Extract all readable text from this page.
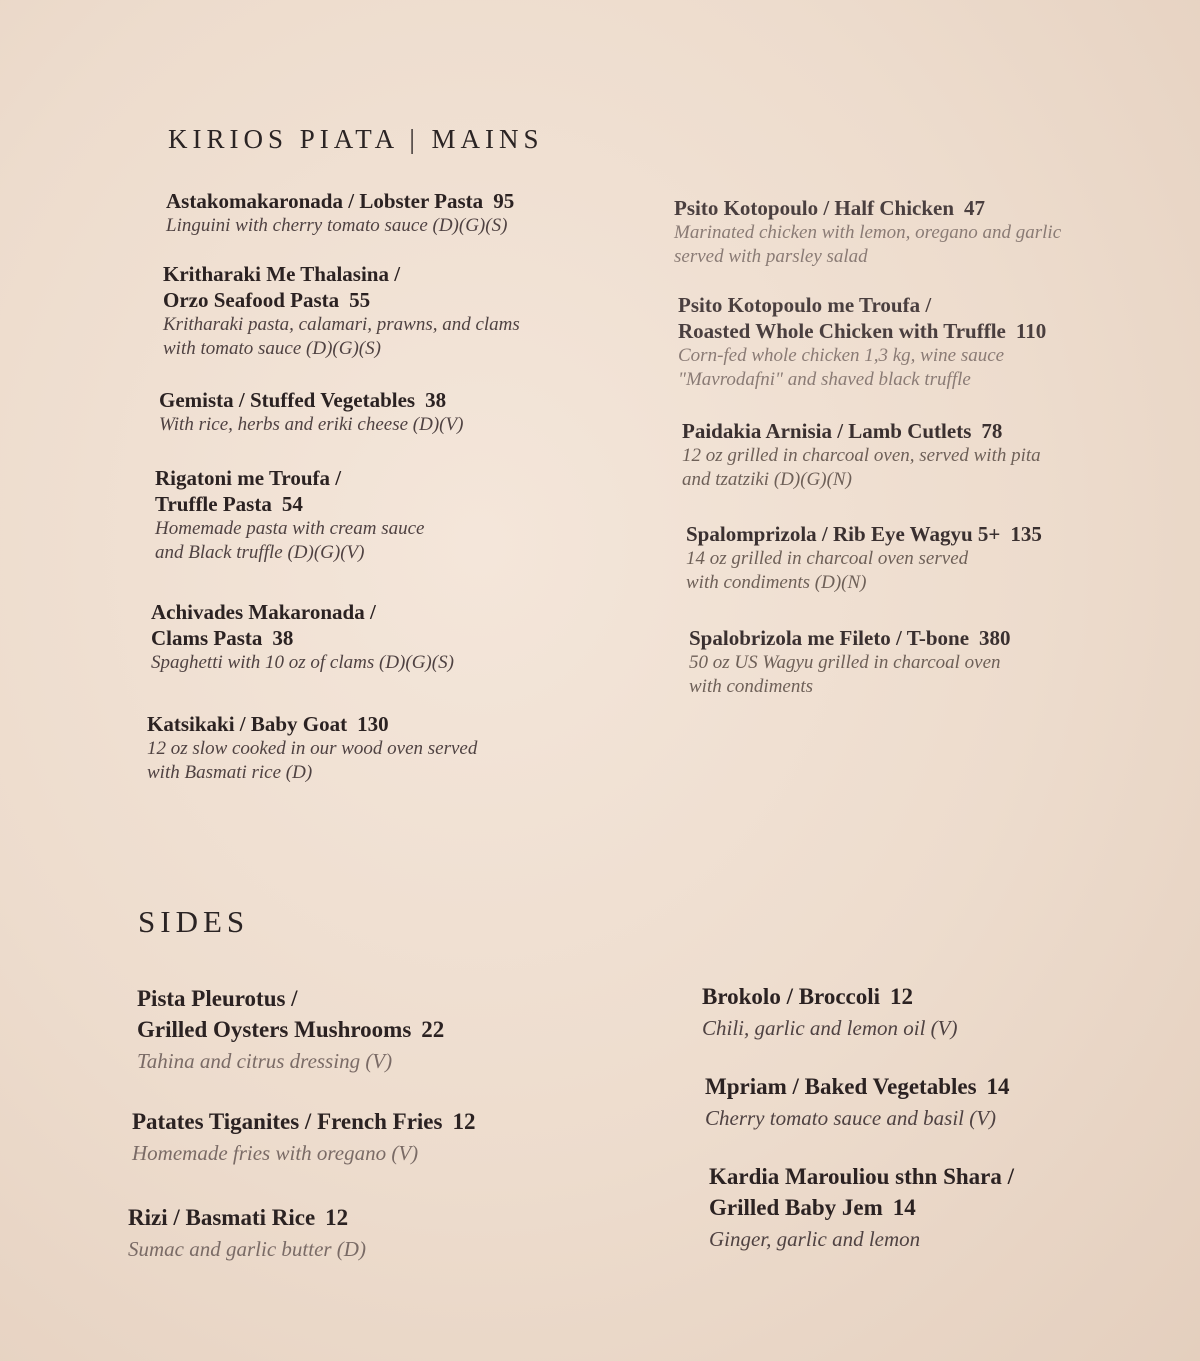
KIRIOS PIATA | MAINS
Astakomakaronada / Lobster Pasta 95
Linguini with cherry tomato sauce (D)(G)(S)
Kritharaki Me Thalasina /
Orzo Seafood Pasta 55
Kritharaki pasta, calamari, prawns, and clams
with tomato sauce (D)(G)(S)
Gemista / Stuffed Vegetables 38
With rice, herbs and eriki cheese (D)(V)
Rigatoni me Troufa /
Truffle Pasta 54
Homemade pasta with cream sauce
and Black truffle (D)(G)(V)
Achivades Makaronada /
Clams Pasta 38
Spaghetti with 10 oz of clams (D)(G)(S)
Katsikaki / Baby Goat 130
12 oz slow cooked in our wood oven served
with Basmati rice (D)
Psito Kotopoulo / Half Chicken 47
Marinated chicken with lemon, oregano and garlic
served with parsley salad
Psito Kotopoulo me Troufa /
Roasted Whole Chicken with Truffle 110
Corn-fed whole chicken 1,3 kg, wine sauce
"Mavrodafni" and shaved black truffle
Paidakia Arnisia / Lamb Cutlets 78
12 oz grilled in charcoal oven, served with pita
and tzatziki (D)(G)(N)
Spalomprizola / Rib Eye Wagyu 5+ 135
14 oz grilled in charcoal oven served
with condiments (D)(N)
Spalobrizola me Fileto / T-bone 380
50 oz US Wagyu grilled in charcoal oven
with condiments
SIDES
Pista Pleurotus /
Grilled Oysters Mushrooms 22
Tahina and citrus dressing (V)
Patates Tiganites / French Fries 12
Homemade fries with oregano (V)
Rizi / Basmati Rice 12
Sumac and garlic butter (D)
Brokolo / Broccoli 12
Chili, garlic and lemon oil (V)
Mpriam / Baked Vegetables 14
Cherry tomato sauce and basil (V)
Kardia Marouliou sthn Shara /
Grilled Baby Jem 14
Ginger, garlic and lemon
